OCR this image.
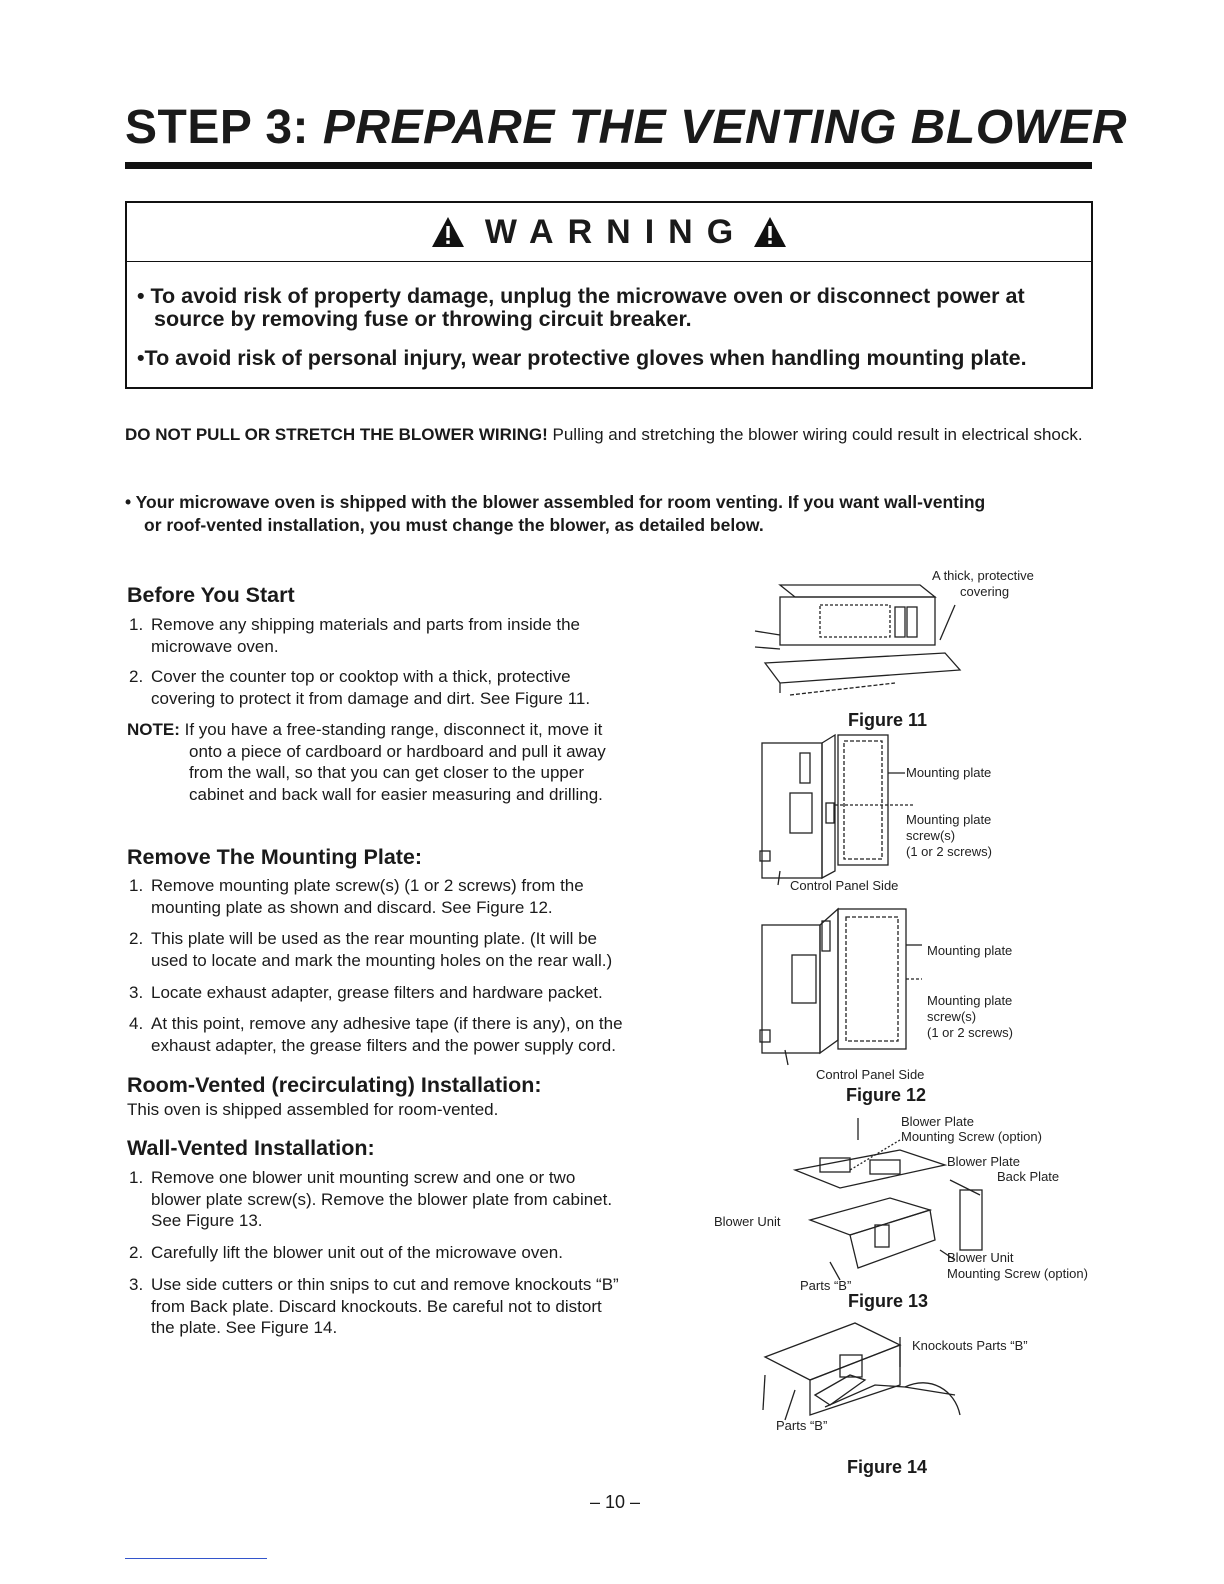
STEP 3: PREPARE THE VENTING BLOWER
WARNING
• To avoid risk of property damage, unplug the microwave oven or disconnect power at
source by removing fuse or throwing circuit breaker.
•To avoid risk of personal injury, wear protective gloves when handling mounting plate.
DO NOT PULL OR STRETCH THE BLOWER WIRING! Pulling and stretching the blower wiring could result in electrical shock.
• Your microwave oven is shipped with the blower assembled for room venting. If you want wall-venting
or roof-vented installation, you must change the blower, as detailed below.
Before You Start
1. Remove any shipping materials and parts from inside the
microwave oven.
2. Cover the counter top or cooktop with a thick, protective
covering to protect it from damage and dirt. See Figure 11.
NOTE: If you have a free-standing range, disconnect it, move it
onto a piece of cardboard or hardboard and pull it away
from the wall, so that you can get closer to the upper
cabinet and back wall for easier measuring and drilling.
Remove The Mounting Plate:
1. Remove mounting plate screw(s) (1 or 2 screws) from the
mounting plate as shown and discard. See Figure 12.
2. This plate will be used as the rear mounting plate. (It will be
used to locate and mark the mounting holes on the rear wall.)
3. Locate exhaust adapter, grease filters and hardware packet.
4. At this point, remove any adhesive tape (if there is any), on the
exhaust adapter, the grease filters and the power supply cord.
Room-Vented (recirculating) Installation:
This oven is shipped assembled for room-vented.
Wall-Vented Installation:
1. Remove one blower unit mounting screw and one or two
blower plate screw(s). Remove the blower plate from cabinet.
See Figure 13.
2. Carefully lift the blower unit out of the microwave oven.
3. Use side cutters or thin snips to cut and remove knockouts “B”
from Back plate. Discard knockouts. Be careful not to distort
the plate. See Figure 14.
A thick, protective
covering
Figure 11
Mounting plate
Mounting plate
screw(s)
(1 or 2 screws)
Control Panel Side
Mounting plate
Mounting plate
screw(s)
(1 or 2 screws)
Control Panel Side
Figure 12
Blower Plate
Mounting Screw (option)
Blower Plate
Back Plate
Blower Unit
Blower Unit
Mounting Screw (option)
Parts “B”
Figure 13
Knockouts Parts “B”
Parts “B”
Figure 14
– 10 –
